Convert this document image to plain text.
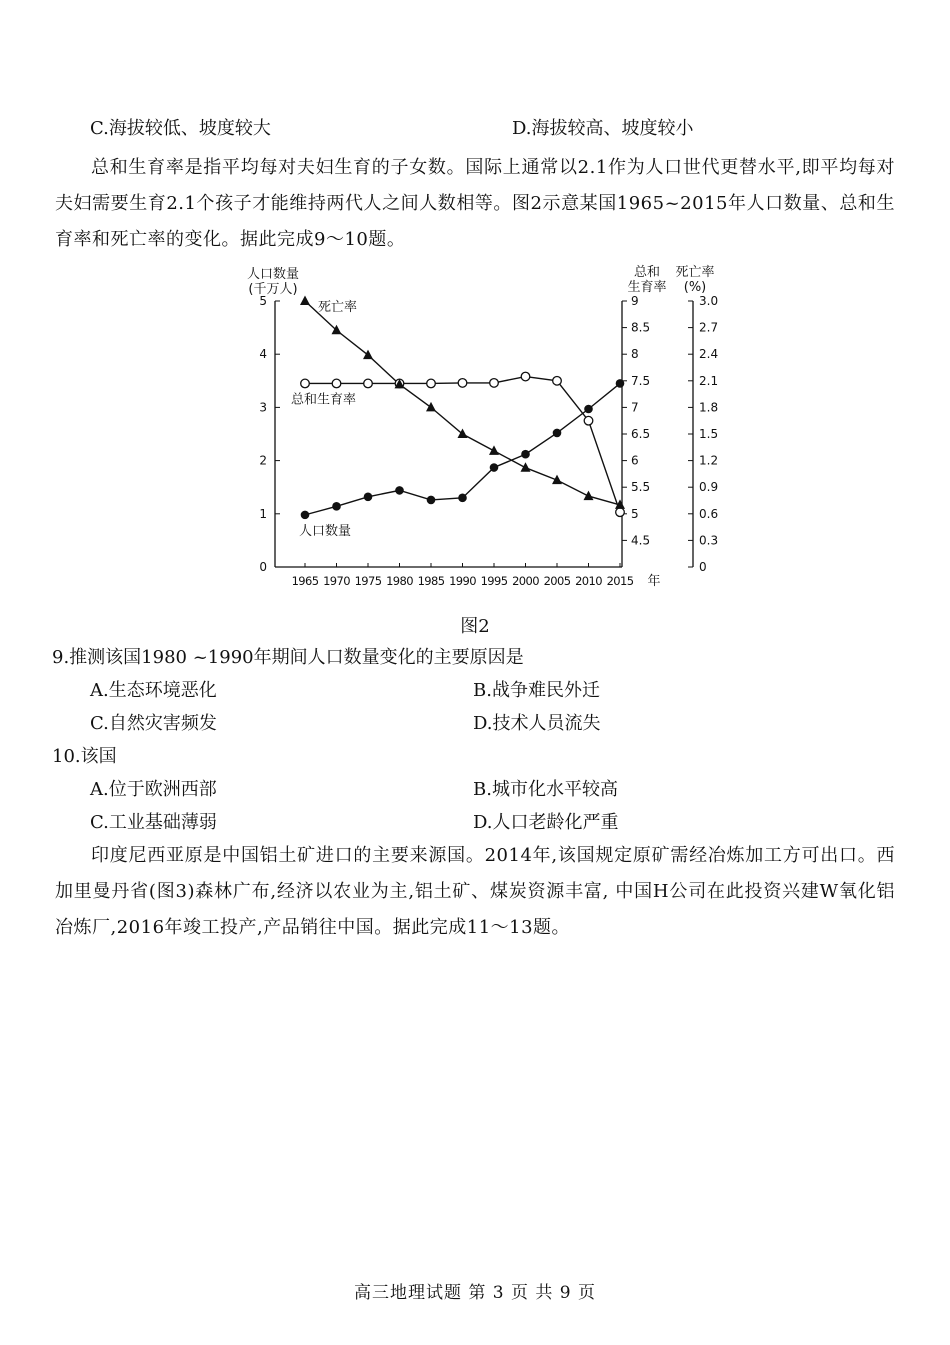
C.海拔较低、坡度较大	D.海拔较高、坡度较小
总和生育率是指平均每对夫妇生育的子女数。国际上通常以2.1作为人口世代更替水平,即平均每对夫妇需要生育2.1个孩子才能维持两代人之间人数相等。图2示意某国1965~2015年人口数量、总和生育率和死亡率的变化。据此完成9～10题。
0
1
2
3
4
5
4.5
5
5.5
6
6.5
7
7.5
8
8.5
9
0
0.3
0.6
0.9
1.2
1.5
1.8
2.1
2.4
2.7
3.0
1965 1970 1975 1980 1985 1990 1995 2000 2005 2010 2015 年
人口数量
(千万人)
总和
生育率
死亡率
(%)
死亡率
总和生育率
人口数量
图2
9.推测该国1980 ~1990年期间人口数量变化的主要原因是
A.生态环境恶化	B.战争难民外迁
C.自然灾害频发	D.技术人员流失
10.该国
A.位于欧洲西部	B.城市化水平较高
C.工业基础薄弱	D.人口老龄化严重
印度尼西亚原是中国铝土矿进口的主要来源国。2014年,该国规定原矿需经冶炼加工方可出口。西加里曼丹省(图3)森林广布,经济以农业为主,铝土矿、煤炭资源丰富, 中国H公司在此投资兴建W氧化铝冶炼厂,2016年竣工投产,产品销往中国。据此完成11～13题。
高三地理试题 第 3 页 共 9 页
